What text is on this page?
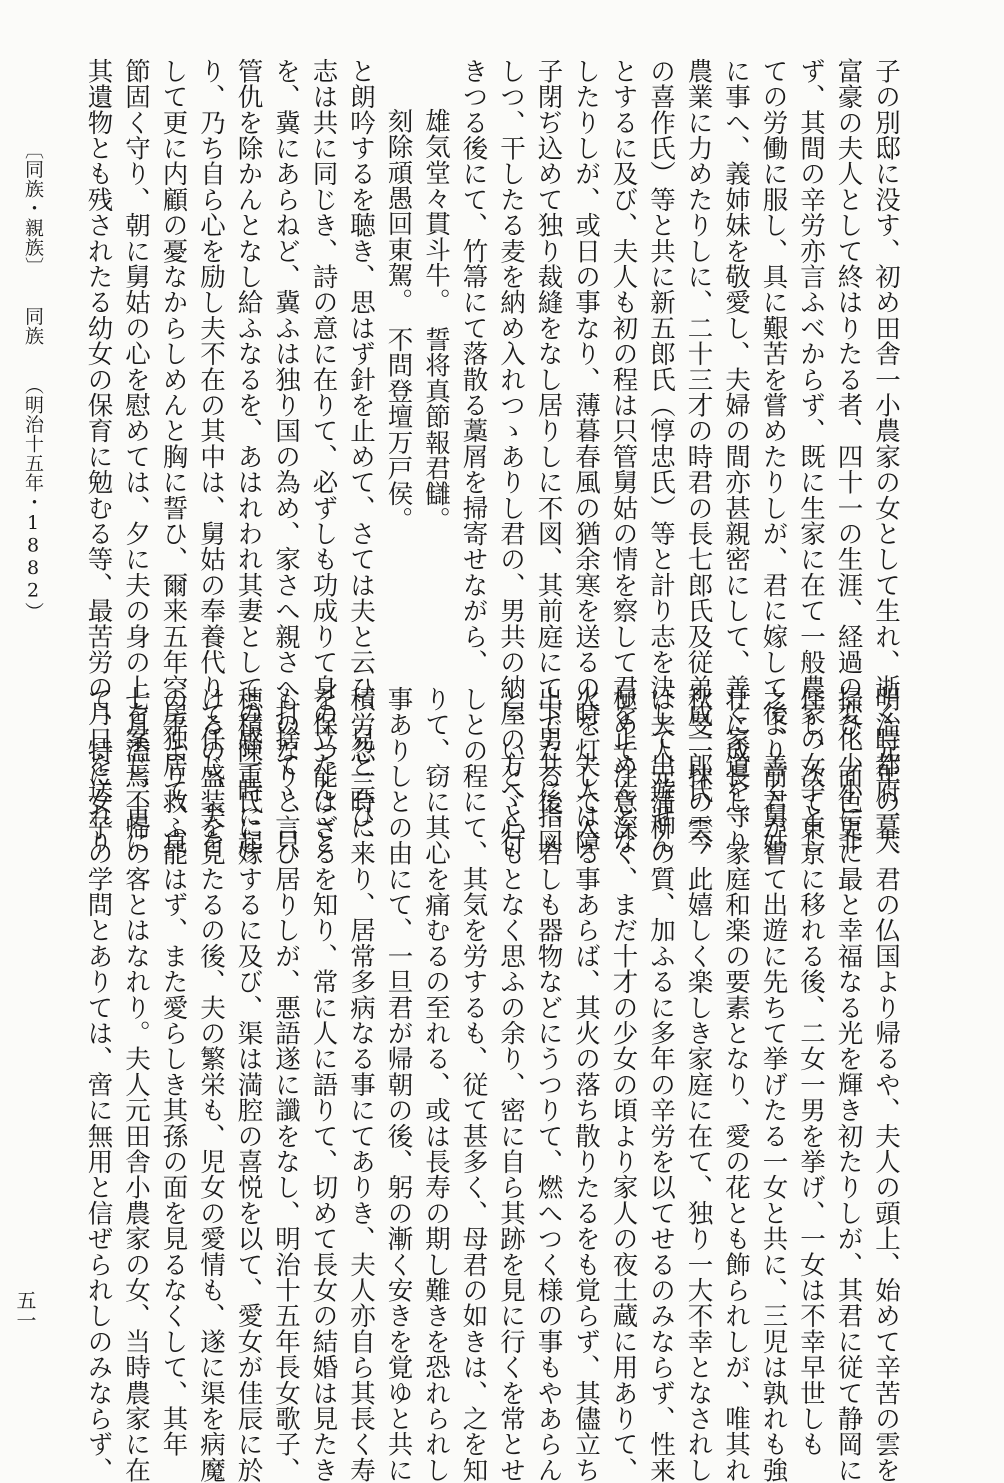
〔同族・親族〕同族（明治十五年・1882）	子の別邸に没す、初め田舎一小農家の女として生れ、逝く時都府一大
富豪の夫人として終はりたる者、四十一の生涯、経過の変化少小に非
ず、其間の辛労亦言ふべからず、既に生家に在て一般農家の女子とし
ての労働に服し、具に艱苦を嘗めたりしが、君に嫁して後、善く舅姑
に事へ、義姉妹を敬愛し、夫婦の間亦甚親密にして、善く家道を守り
農業に力めたりしに、二十三才の時君の長七郎氏及従弟成一郎氏（今
の喜作氏）等と共に新五郎氏（惇忠氏）等と計り志を決して出遊せん
とするに及び、夫人も初の程は只管舅姑の情を察して君を止めんとな
したりしが、或日の事なり、薄暮春風の猶余寒を送るの時、夫人は障
子閉ぢ込めて独り裁縫をなし居りしに不図、其前庭にて下男共に指図
しつ、干したる麦を納め入れつゝありし君の、男共の納屋の方へと行
きつる後にて、竹箒にて落散る藁屑を掃寄せながら、
雄気堂々貫斗牛。　誓将真節報君讎。
刻除頑愚回東駕。　不問登壇万戸侯。
と朗吟するを聴き、思はず針を止めて、さては夫と云ひ、兄と云ひ、
志は共に同じき、詩の意に在りて、必ずしも功成りて身の立たんこと
を、冀にあらねど、冀ふは独り国の為め、家さへ親さへ打捨てゝ、只
管仇を除かんとなし給ふなるを、あはれわれ其妻としての感一時に起
り、乃ち自ら心を励し夫不在の其中は、舅姑の奉養代りて任じ、夫を
して更に内顧の憂なからしめんと胸に誓ひ、爾来五年空房独居て、貞
節固く守り、朝に舅姑の心を慰めては、夕に夫の身の上を案じ、更に
其遺物とも残されたる幼女の保育に勉むる等、最苦労の月日を送れり
明治元年の暮、君の仏国より帰るや、夫人の頭上、始めて辛苦の雲を
掃ひ、面色更に最と幸福なる光を輝き初たりしが、其君に従て静岡に
住し、次て東京に移れる後、二女一男を挙げ、一女は不幸早世しも
之より前君が嘗て出遊に先ちて挙げたる一女と共に、三児は孰れも強
壮に成長し、家庭和楽の要素となり、愛の花とも飾られしが、唯其れ
秋旻一抹の雲、此嬉しく楽しき家庭に在て、独り一大不幸となされし
は夫人元蒲柳の質、加ふるに多年の辛労を以てせるのみならず、性来
極めて注意深く、まだ十才の少女の頃より家人の夜土蔵に用ありて、
火を灯して入る事あらば、其火の落ち散りたるをも覚らず、其儘立ち
出でたる後、若しも器物などにうつりて、燃へつく様の事もやあらん
と、いとゞ心もとなく思ふの余り、密に自ら其跡を見に行くを常とせ
しとの程にて、其気を労するも、従て甚多く、母君の如きは、之を知
りて、窃に其心を痛むるの至れる、或は長寿の期し難きを恐れられし
事ありしとの由にて、一旦君が帰朝の後、躬の漸く安きを覚ゆと共に
積労忽一時に来り、居常多病なる事にてありき、夫人亦自ら其長く寿
を保つ能はざるを知り、常に人に語りて、切めて長女の結婚は見たき
ものなりと言ひ居りしが、悪語遂に讖をなし、明治十五年長女歌子、
穂積陳重氏に嫁するに及び、渠は満腔の喜悦を以て、愛女が佳辰に於
けるの盛装を見たるの後、夫の繁栄も、児女の愛情も、遂に渠を病魔
の手より救ふ能はず、また愛らしき其孫の面を見るなくして、其年
七月溘焉不帰の客とはなれり。夫人元田舎小農家の女、当時農家に在
て、特に女子の学問とありては、啻に無用と信ぜられしのみならず、
五一
